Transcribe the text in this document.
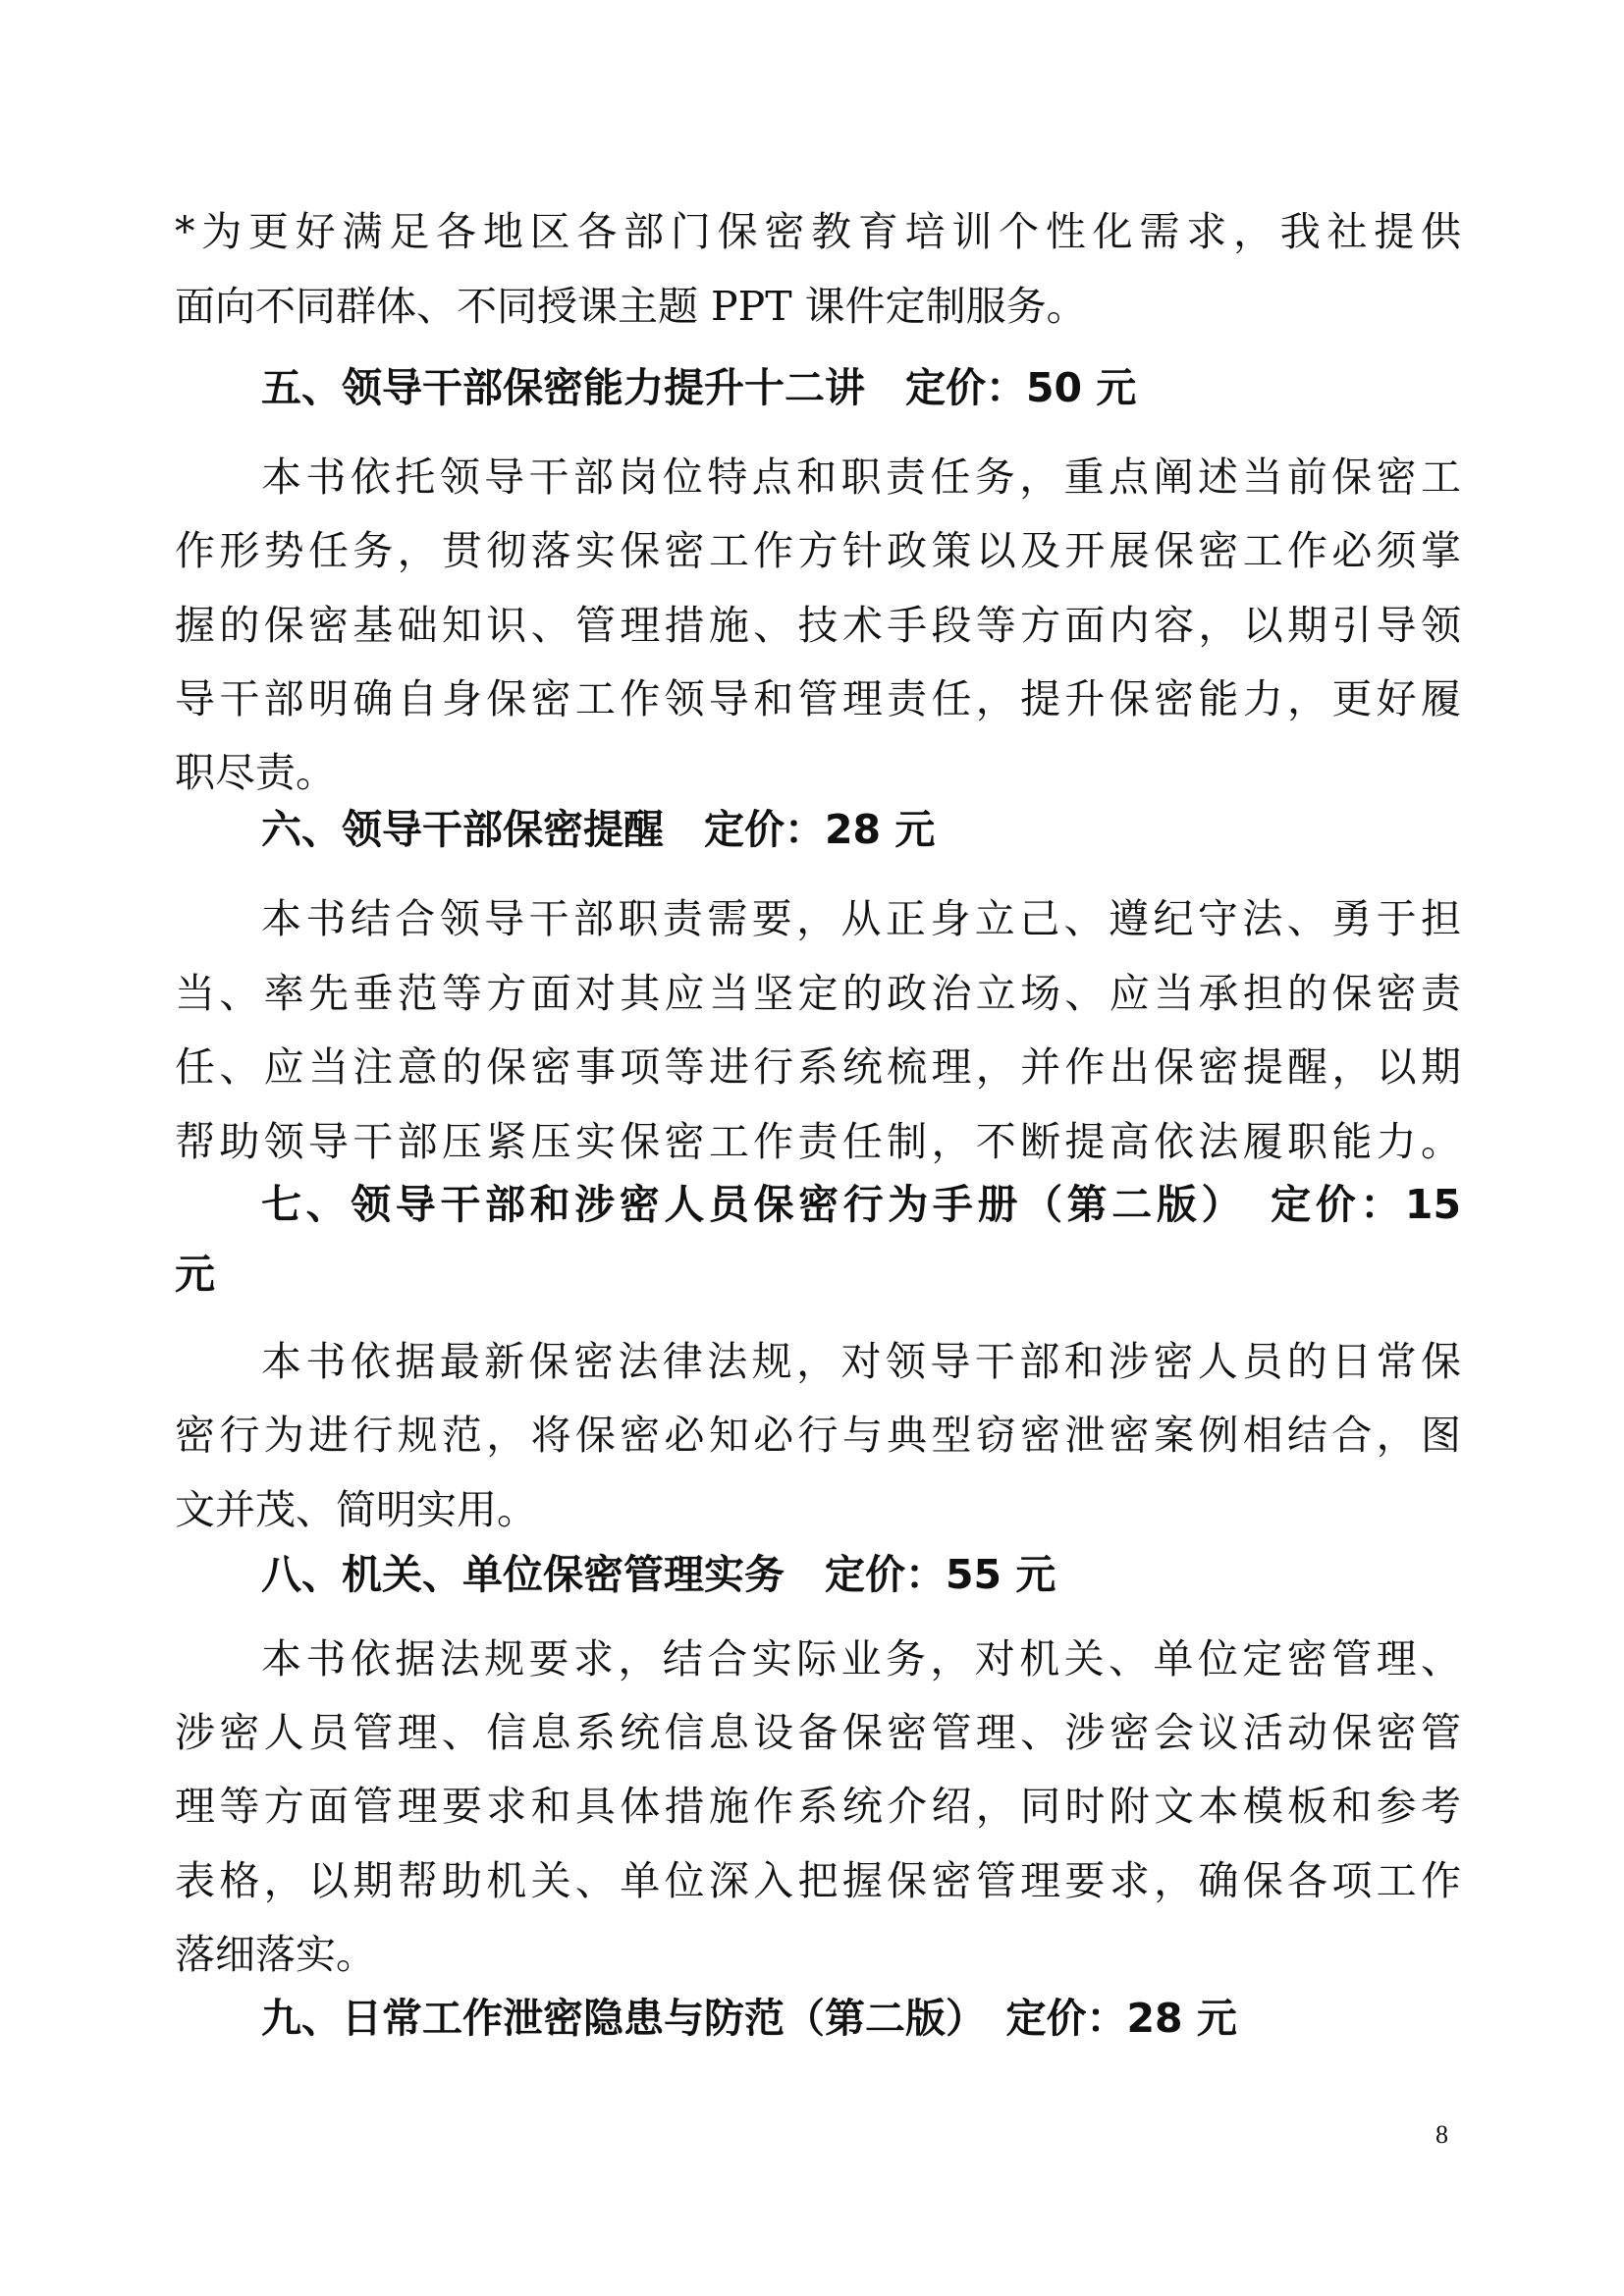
*为更好满足各地区各部门保密教育培训个性化需求，我社提供
面向不同群体、不同授课主题 PPT 课件定制服务。
五、领导干部保密能力提升十二讲　定价：50 元
本书依托领导干部岗位特点和职责任务，重点阐述当前保密工
作形势任务，贯彻落实保密工作方针政策以及开展保密工作必须掌
握的保密基础知识、管理措施、技术手段等方面内容，以期引导领
导干部明确自身保密工作领导和管理责任，提升保密能力，更好履
职尽责。
六、领导干部保密提醒　定价：28 元
本书结合领导干部职责需要，从正身立己、遵纪守法、勇于担
当、率先垂范等方面对其应当坚定的政治立场、应当承担的保密责
任、应当注意的保密事项等进行系统梳理，并作出保密提醒，以期
帮助领导干部压紧压实保密工作责任制，不断提高依法履职能力。
七、领导干部和涉密人员保密行为手册（第二版）　定价：15
元
本书依据最新保密法律法规，对领导干部和涉密人员的日常保
密行为进行规范，将保密必知必行与典型窃密泄密案例相结合，图
文并茂、简明实用。
八、机关、单位保密管理实务　定价：55 元
本书依据法规要求，结合实际业务，对机关、单位定密管理、
涉密人员管理、信息系统信息设备保密管理、涉密会议活动保密管
理等方面管理要求和具体措施作系统介绍，同时附文本模板和参考
表格，以期帮助机关、单位深入把握保密管理要求，确保各项工作
落细落实。
九、日常工作泄密隐患与防范（第二版）　定价：28 元
8
